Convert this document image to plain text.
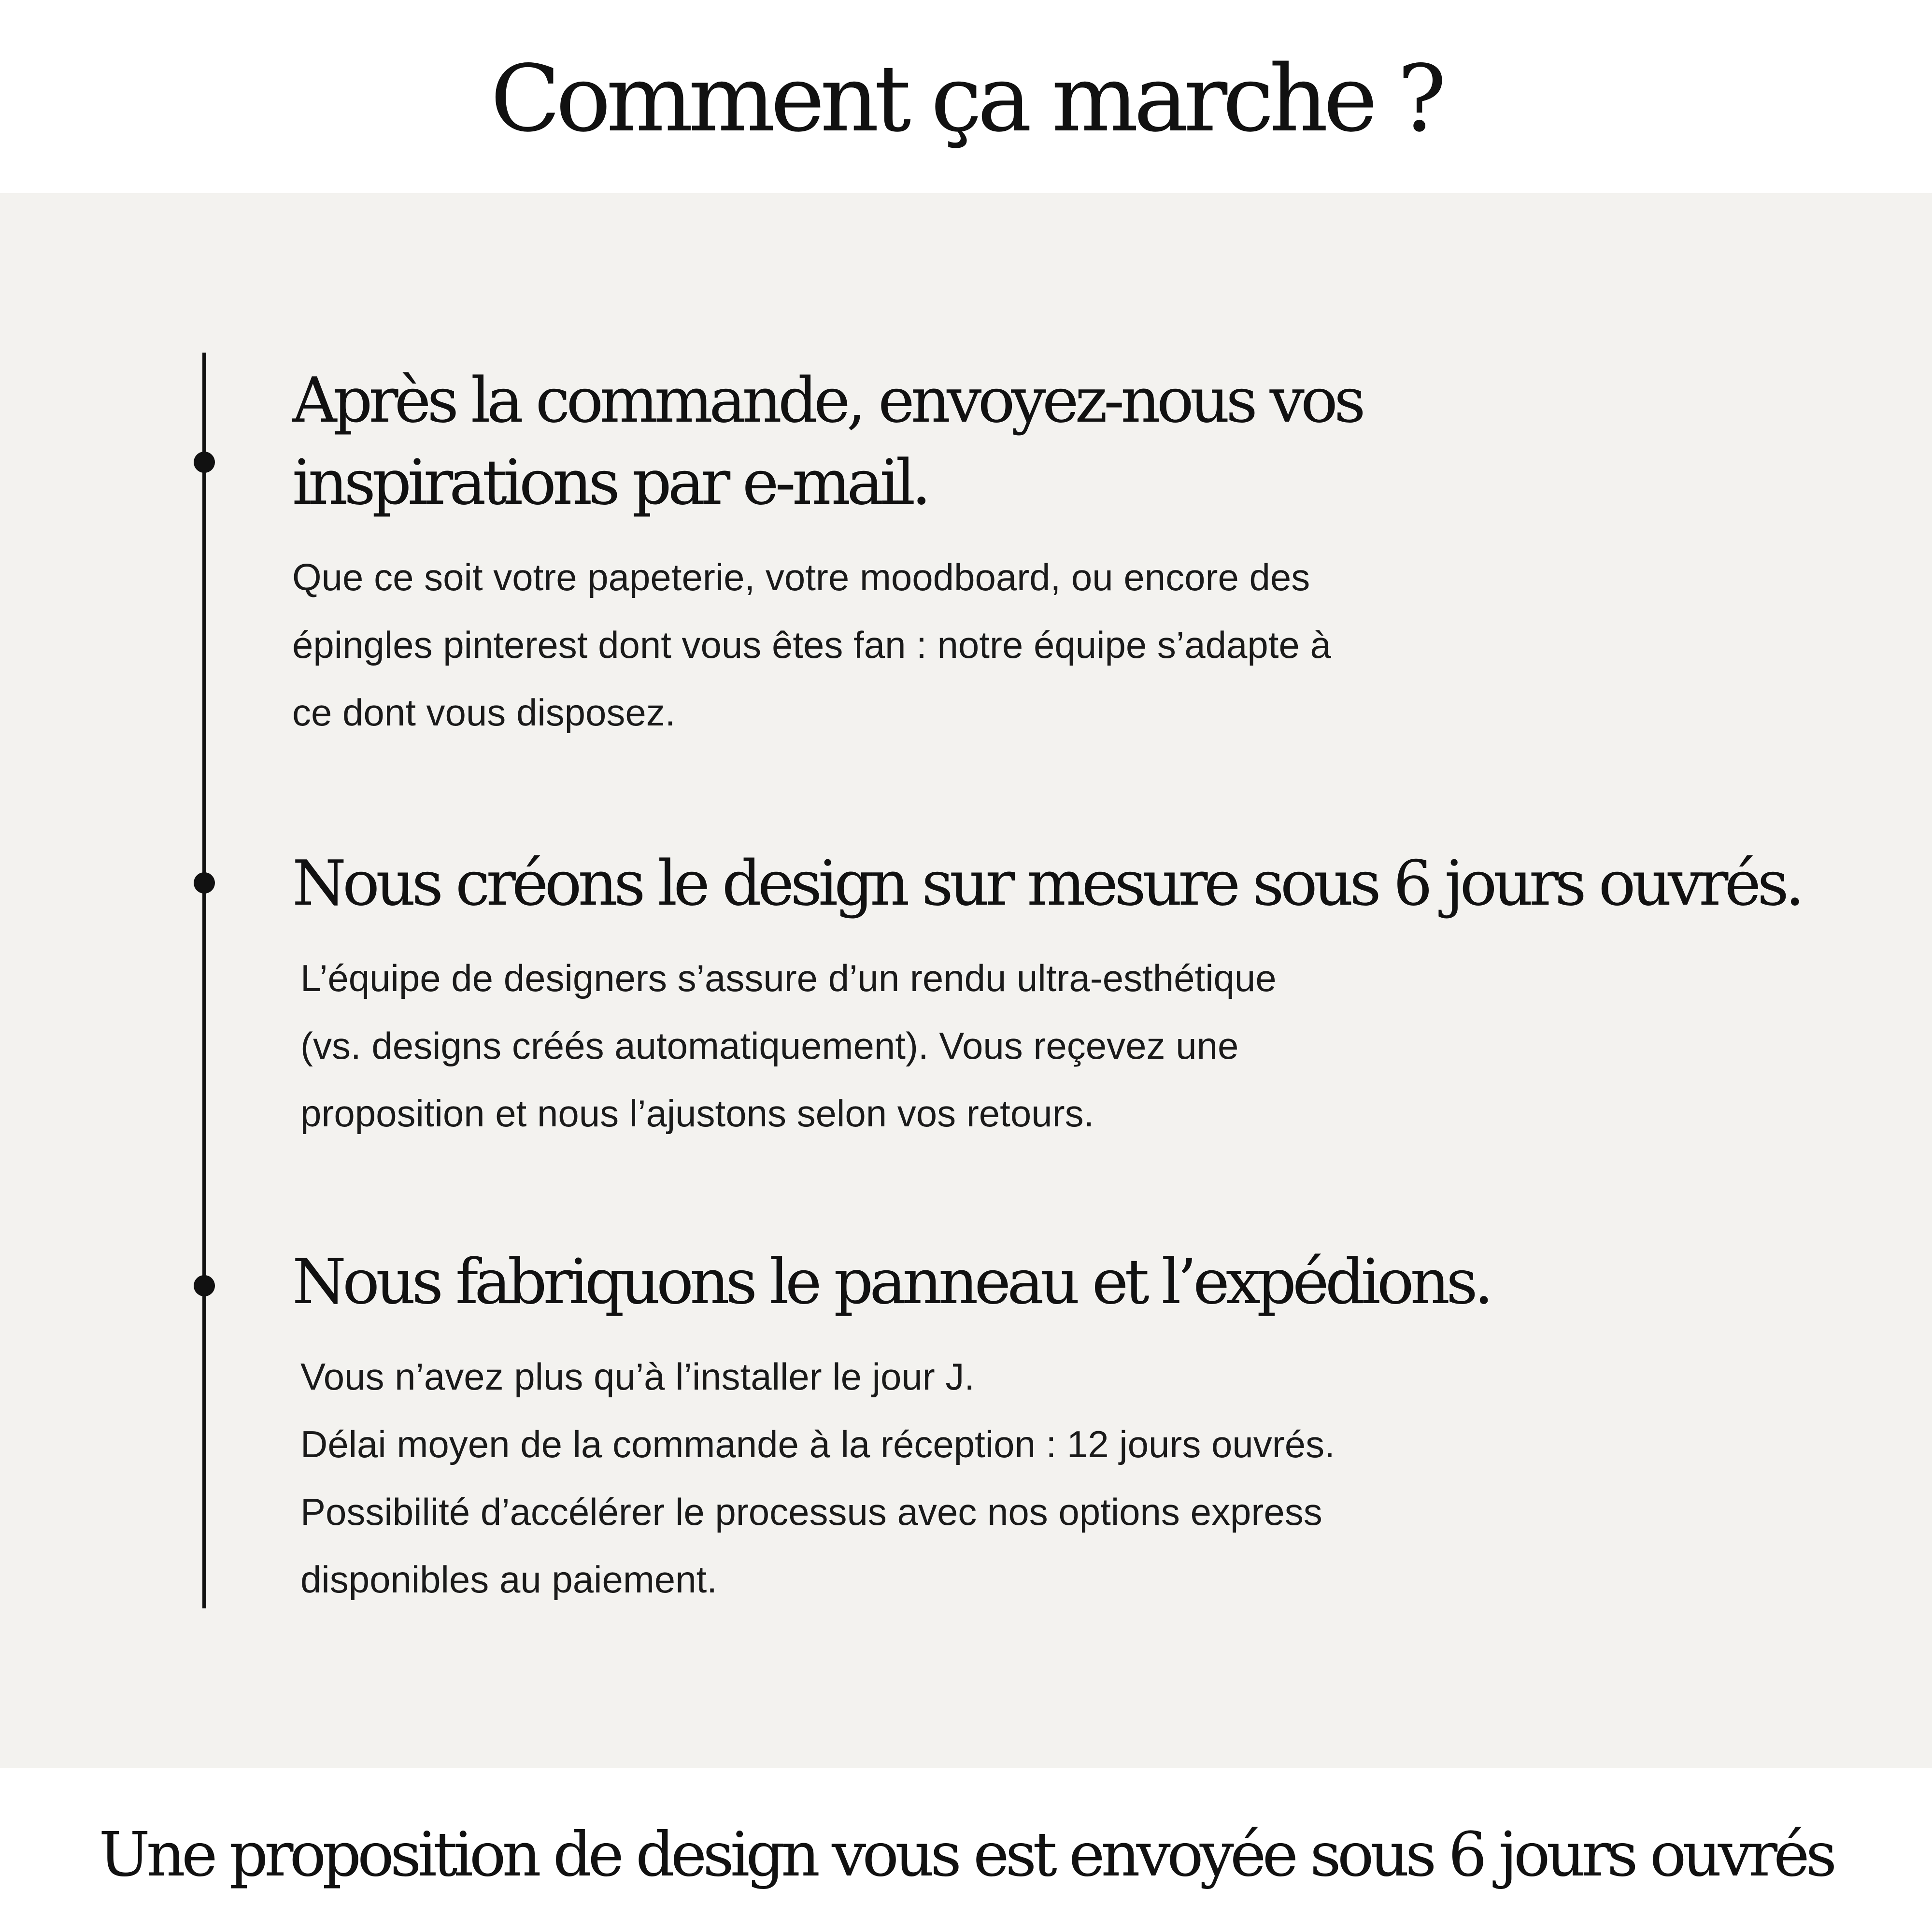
Comment ça marche ?
Après la commande, envoyez-nous vos
inspirations par e-mail.
Que ce soit votre papeterie, votre moodboard, ou encore des
épingles pinterest dont vous êtes fan : notre équipe s’adapte à
ce dont vous disposez.
Nous créons le design sur mesure sous 6 jours ouvrés.
L’équipe de designers s’assure d’un rendu ultra-esthétique
(vs. designs créés automatiquement). Vous reçevez une
proposition et nous l’ajustons selon vos retours.
Nous fabriquons le panneau et l’expédions.
Vous n’avez plus qu’à l’installer le jour J.
Délai moyen de la commande à la réception : 12 jours ouvrés.
Possibilité d’accélérer le processus avec nos options express
disponibles au paiement.

Une proposition de design vous est envoyée sous 6 jours ouvrés
